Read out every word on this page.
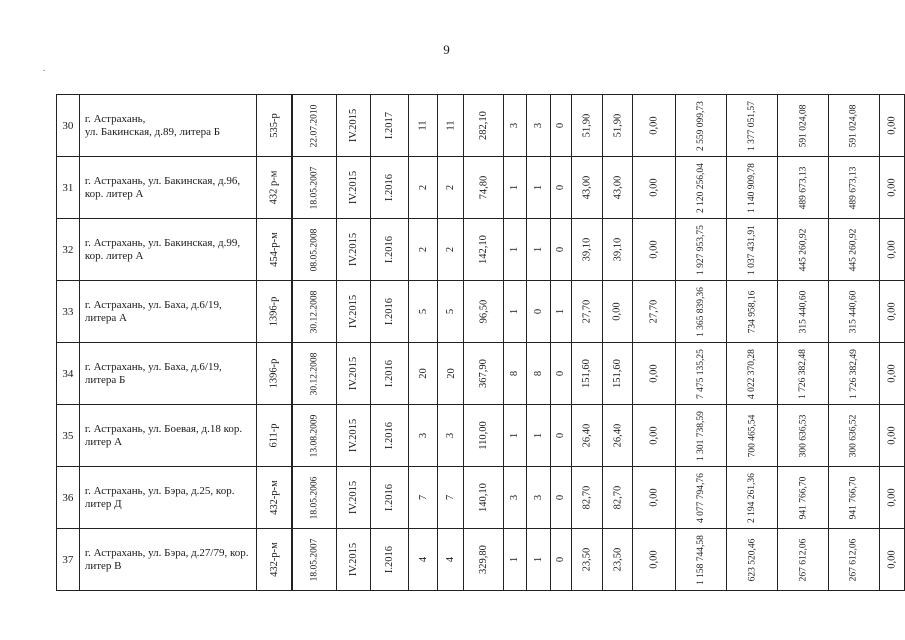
9
.
30	г. Астрахань,
ул. Бакинская, д.89, литера Б	535-р	22.07.2010	IV.2015	I.2017	11	11	282,10	3	3	0	51,90	51,90	0,00	2 559 099,73	1 377 051,57	591 024,08	591 024,08	0,00
31	г. Астрахань, ул. Бакинская, д.96, кор. литер А	432 р-м	18.05.2007	IV.2015	I.2016	2	2	74,80	1	1	0	43,00	43,00	0,00	2 120 256,04	1 140 909,78	489 673,13	489 673,13	0,00
32	г. Астрахань, ул. Бакинская, д.99, кор. литер А	454-р-м	08.05.2008	IV.2015	I.2016	2	2	142,10	1	1	0	39,10	39,10	0,00	1 927 953,75	1 037 431,91	445 260,92	445 260,92	0,00
33	г. Астрахань, ул. Баха, д.6/19, литера А	1396-р	30.12.2008	IV.2015	I.2016	5	5	96,50	1	0	1	27,70	0,00	27,70	1 365 839,36	734 958,16	315 440,60	315 440,60	0,00
34	г. Астрахань, ул. Баха, д.6/19, литера Б	1396-р	30.12.2008	IV.2015	I.2016	20	20	367,90	8	8	0	151,60	151,60	0,00	7 475 135,25	4 022 370,28	1 726 382,48	1 726 382,49	0,00
35	г. Астрахань, ул. Боевая, д.18 кор. литер А	611-р	13.08.2009	IV.2015	I.2016	3	3	110,00	1	1	0	26,40	26,40	0,00	1 301 738,59	700 465,54	300 636,53	300 636,52	0,00
36	г. Астрахань, ул. Бэра, д.25, кор. литер Д	432-р-м	18.05.2006	IV.2015	I.2016	7	7	140,10	3	3	0	82,70	82,70	0,00	4 077 794,76	2 194 261,36	941 766,70	941 766,70	0,00
37	г. Астрахань, ул. Бэра, д.27/79, кор. литер В	432-р-м	18.05.2007	IV.2015	I.2016	4	4	329,80	1	1	0	23,50	23,50	0,00	1 158 744,58	623 520,46	267 612,06	267 612,06	0,00
